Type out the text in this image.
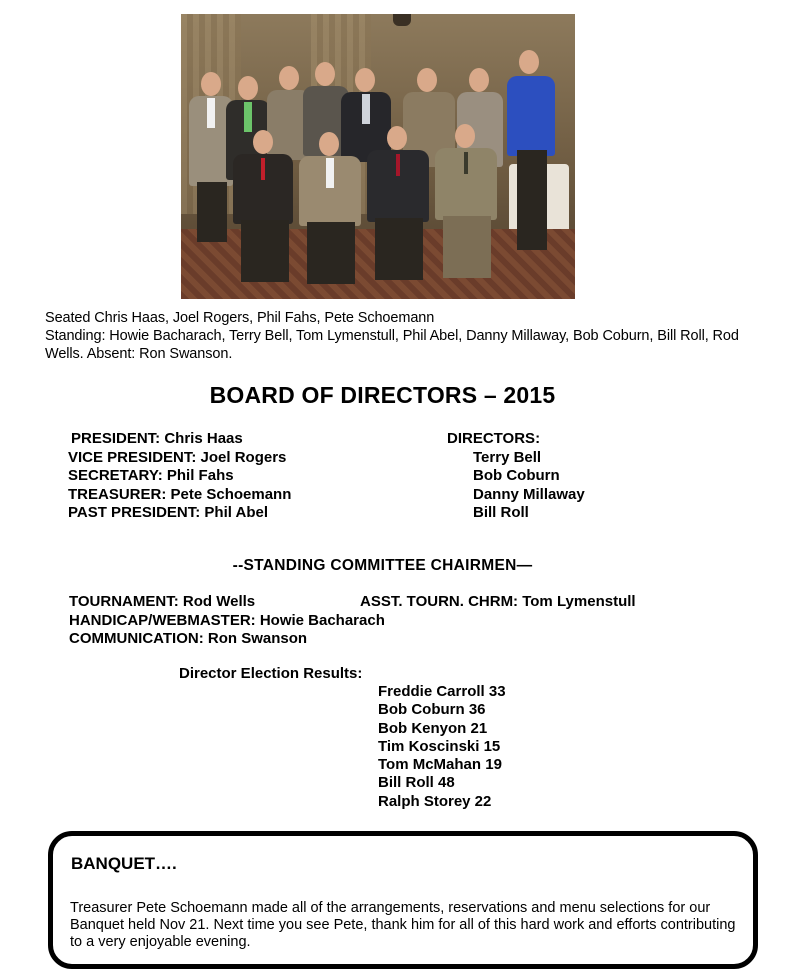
Seated Chris Haas, Joel Rogers, Phil Fahs, Pete Schoemann
Standing: Howie Bacharach, Terry Bell, Tom Lymenstull, Phil Abel, Danny Millaway, Bob Coburn, Bill Roll, Rod Wells. Absent: Ron Swanson.
BOARD OF DIRECTORS – 2015
PRESIDENT: Chris Haas
VICE PRESIDENT: Joel Rogers
SECRETARY: Phil Fahs
TREASURER: Pete Schoemann
PAST PRESIDENT: Phil Abel
DIRECTORS:
Terry Bell
Bob Coburn
Danny Millaway
Bill Roll
--STANDING COMMITTEE CHAIRMEN—
TOURNAMENT: Rod Wells	ASST. TOURN. CHRM: Tom Lymenstull
HANDICAP/WEBMASTER: Howie Bacharach
COMMUNICATION: Ron Swanson
Director Election Results:
Freddie Carroll 33
Bob Coburn 36
Bob Kenyon 21
Tim Koscinski 15
Tom McMahan 19
Bill Roll 48
Ralph Storey 22
BANQUET….
Treasurer Pete Schoemann made all of the arrangements, reservations and menu selections for our Banquet held Nov 21. Next time you see Pete, thank him for all of this hard work and efforts contributing to a very enjoyable evening.
